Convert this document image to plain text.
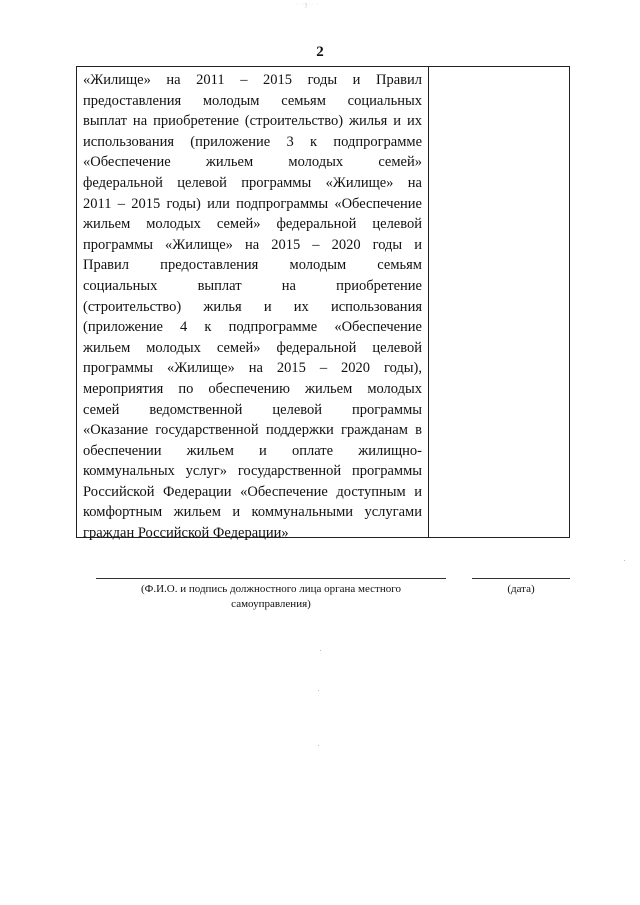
· ·ʒ·· ·
2
«Жилище» на 2011 – 2015 годы и Правил
предоставления молодым семьям социальных
выплат на приобретение (строительство) жилья и их
использования (приложение 3 к подпрограмме
«Обеспечение жильем молодых семей»
федеральной целевой программы «Жилище» на
2011 – 2015 годы) или подпрограммы «Обеспечение
жильем молодых семей» федеральной целевой
программы «Жилище» на 2015 – 2020 годы и
Правил предоставления молодым семьям
социальных выплат на приобретение
(строительство) жилья и их использования
(приложение 4 к подпрограмме «Обеспечение
жильем молодых семей» федеральной целевой
программы «Жилище» на 2015 – 2020 годы),
мероприятия по обеспечению жильем молодых
семей ведомственной целевой программы
«Оказание государственной поддержки гражданам в
обеспечении жильем и оплате жилищно-
коммунальных услуг» государственной программы
Российской Федерации «Обеспечение доступным и
комфортным жильем и коммунальными услугами
граждан Российской Федерации»
(Ф.И.О. и подпись должностного лица органа местного
самоуправления)
(дата)
